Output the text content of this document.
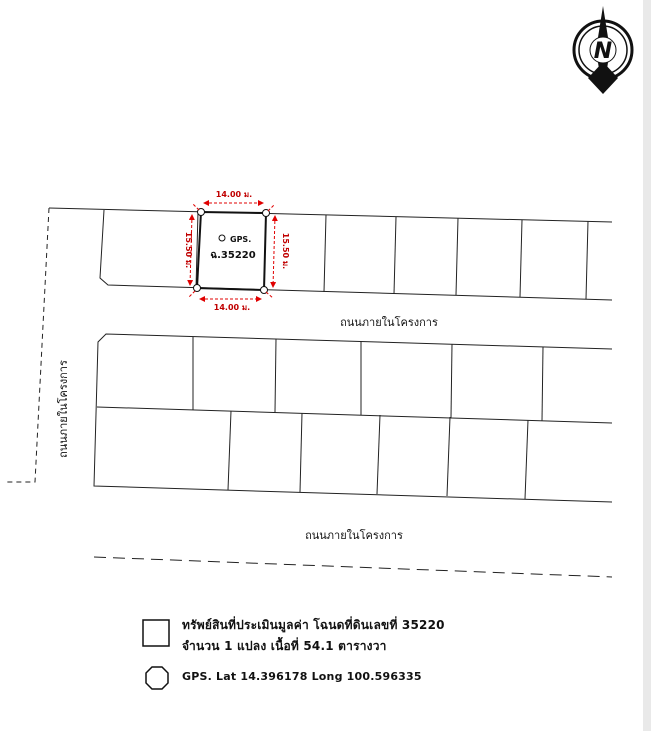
N
GPS.
ฉ.35220
14.00 ม.
14.00 ม.
15.50 ม.	15.50 ม.
ถนนภายในโครงการ
ถนนภายในโครงการ
ถนนภายในโครงการ
ทรัพย์สินที่ประเมินมูลค่า โฉนดที่ดินเลขที่ 35220
จำนวน 1 แปลง เนื้อที่ 54.1 ตารางวา
GPS. Lat 14.396178 Long 100.596335
